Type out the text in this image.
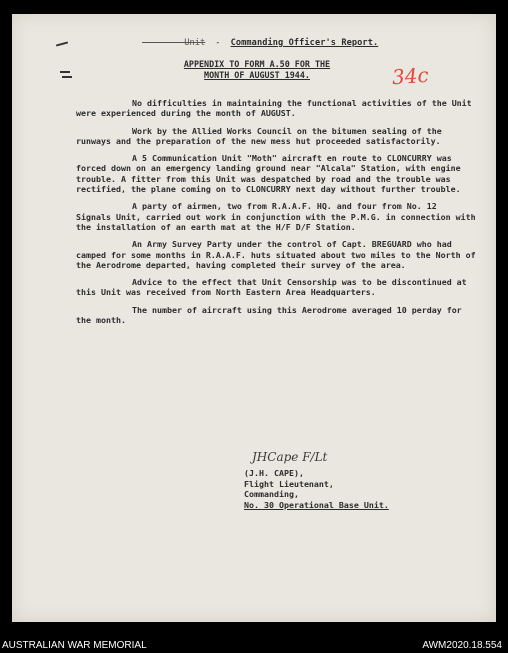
Unit - Commanding Officer's Report.
APPENDIX TO FORM A.50 FOR THE
MONTH OF AUGUST 1944.	34c

No difficulties in maintaining the functional activities of the Unit were experienced during the month of AUGUST.

Work by the Allied Works Council on the bitumen sealing of the runways and the preparation of the new mess hut proceeded satisfactorily.

A 5 Communication Unit "Moth" aircraft en route to CLONCURRY was forced down on an emergency landing ground near "Alcala" Station, with engine trouble. A fitter from this Unit was despatched by road and the trouble was rectified, the plane coming on to CLONCURRY next day without further trouble.

A party of airmen, two from R.A.A.F. HQ. and four from No. 12 Signals Unit, carried out work in conjunction with the P.M.G. in connection with the installation of an earth mat at the H/F D/F Station.

An Army Survey Party under the control of Capt. BREGUARD who had camped for some months in R.A.A.F. huts situated about two miles to the North of the Aerodrome departed, having completed their survey of the area.

Advice to the effect that Unit Censorship was to be discontinued at this Unit was received from North Eastern Area Headquarters.

The number of aircraft using this Aerodrome averaged 10 perday for the month.

JHCape F/Lt
(J.H. CAPE),
Flight Lieutenant,
Commanding,
No. 30 Operational Base Unit.
AUSTRALIAN WAR MEMORIAL	AWM2020.18.554
